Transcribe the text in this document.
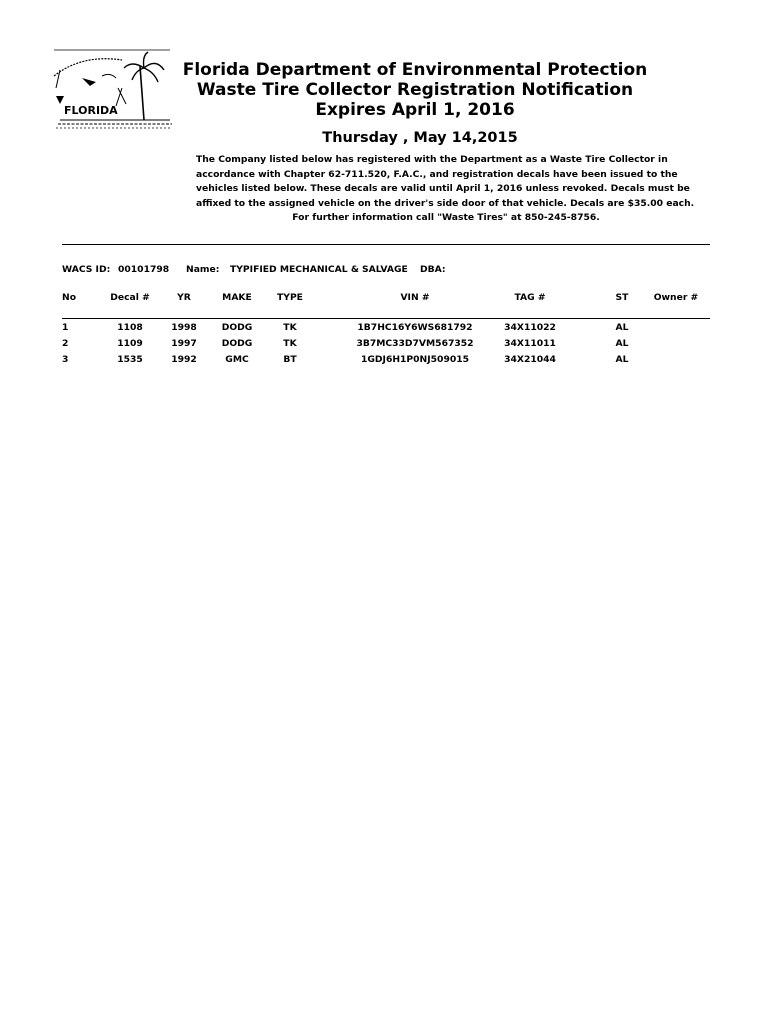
FLORIDA
Florida Department of Environmental Protection
Waste Tire Collector Registration Notification
Expires April 1, 2016
Thursday , May 14,2015
The Company listed below has registered with the Department as a Waste Tire Collector in
accordance with Chapter 62-711.520, F.A.C., and registration decals have been issued to the
vehicles listed below. These decals are valid until April 1, 2016 unless revoked. Decals must be
affixed to the assigned vehicle on the driver's side door of that vehicle. Decals are $35.00 each.
For further information call "Waste Tires" at 850-245-8756.
WACS ID: 00101798 Name: TYPIFIED MECHANICAL & SALVAGE DBA:
No	Decal #	YR	MAKE	TYPE	VIN #	TAG #	ST	Owner #
1	1108	1998	DODG	TK	1B7HC16Y6WS681792	34X11022	AL
2	1109	1997	DODG	TK	3B7MC33D7VM567352	34X11011	AL
3	1535	1992	GMC	BT	1GDJ6H1P0NJ509015	34X21044	AL
